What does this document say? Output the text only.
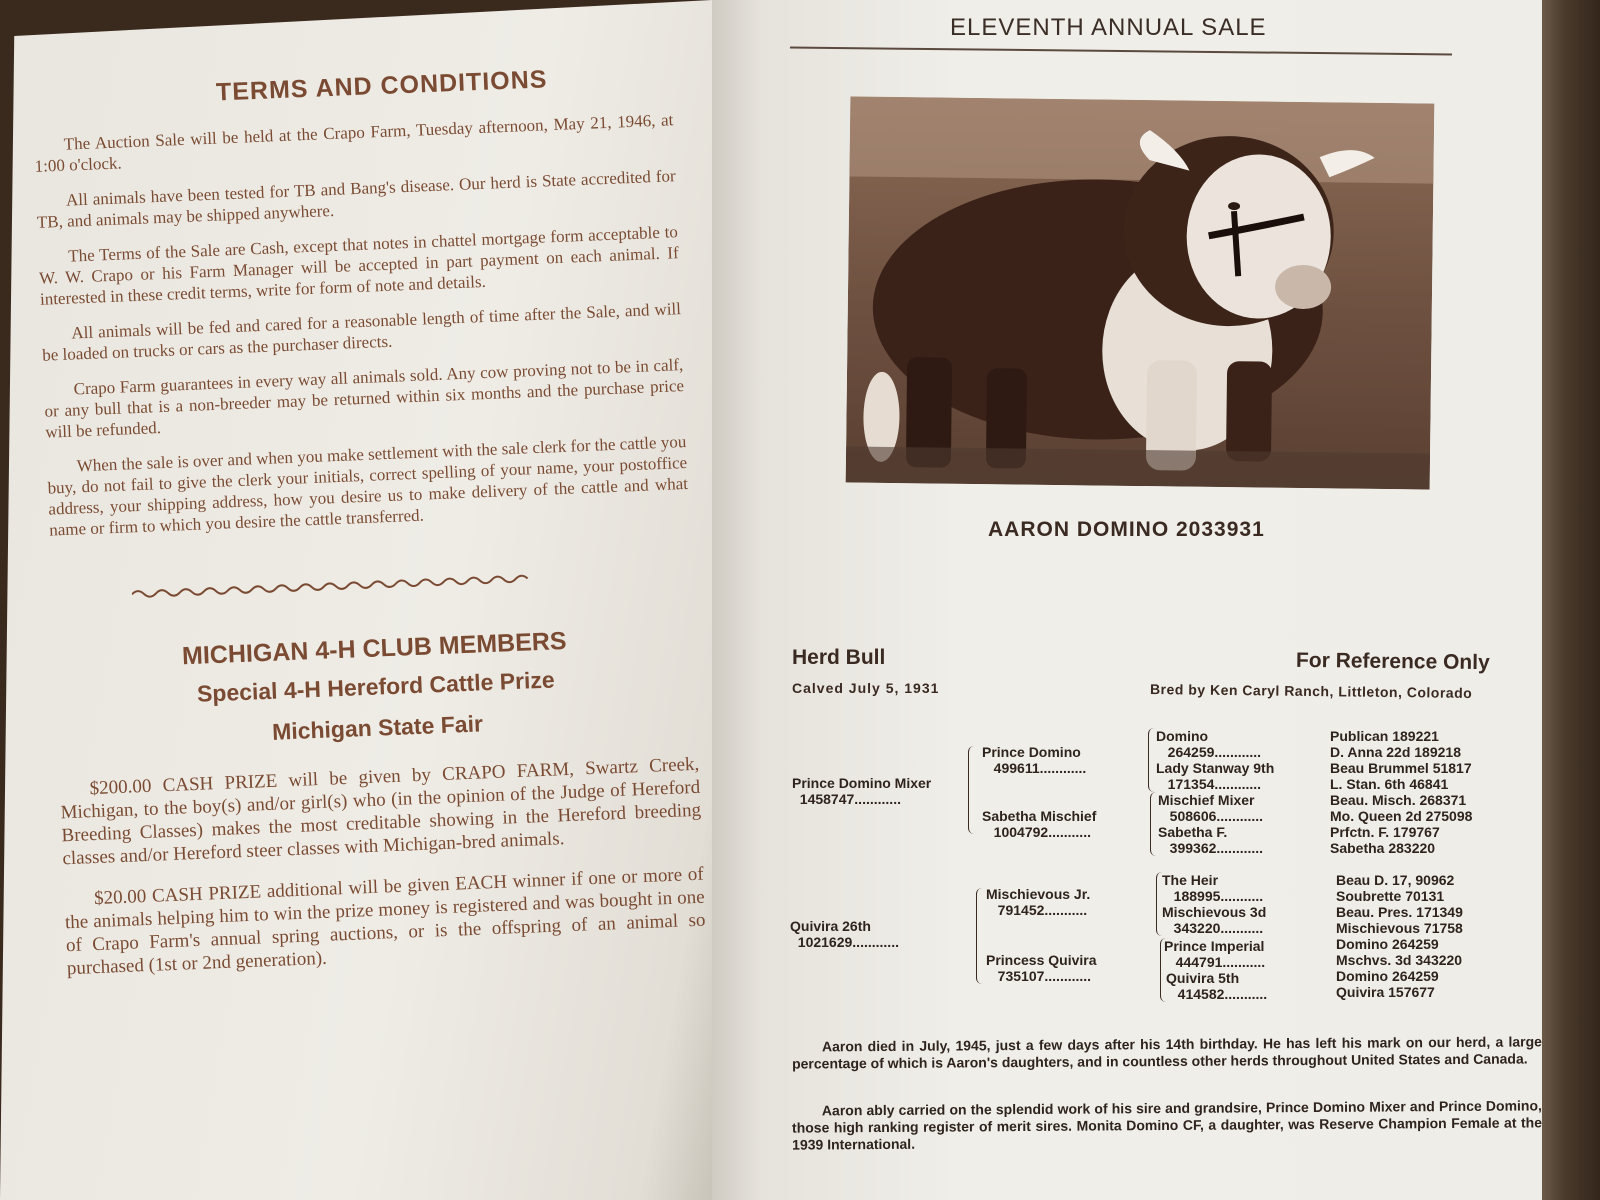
TERMS AND CONDITIONS

The Auction Sale will be held at the Crapo Farm, Tuesday afternoon, May 21, 1946, at 1:00 o'clock.

All animals have been tested for TB and Bang's disease. Our herd is State accredited for TB, and animals may be shipped anywhere.

The Terms of the Sale are Cash, except that notes in chattel mortgage form acceptable to W. W. Crapo or his Farm Manager will be accepted in part payment on each animal. If interested in these credit terms, write for form of note and details.

All animals will be fed and cared for a reasonable length of time after the Sale, and will be loaded on trucks or cars as the purchaser directs.

Crapo Farm guarantees in every way all animals sold. Any cow proving not to be in calf, or any bull that is a non-breeder may be returned within six months and the purchase price will be refunded.

When the sale is over and when you make settlement with the sale clerk for the cattle you buy, do not fail to give the clerk your initials, correct spelling of your name, your postoffice address, your shipping address, how you desire us to make delivery of the cattle and what name or firm to which you desire the cattle transferred.

MICHIGAN 4-H CLUB MEMBERS
Special 4-H Hereford Cattle Prize
Michigan State Fair

$200.00 CASH PRIZE will be given by CRAPO FARM, Swartz Creek, Michigan, to the boy(s) and/or girl(s) who (in the opinion of the Judge of Hereford Breeding Classes) makes the most creditable showing in the Hereford breeding classes and/or Hereford steer classes with Michigan-bred animals.

$20.00 CASH PRIZE additional will be given EACH winner if one or more of the animals helping him to win the prize money is registered and was bought in one of Crapo Farm's annual spring auctions, or is the offspring of an animal so purchased (1st or 2nd generation).

ELEVENTH ANNUAL SALE
AARON DOMINO 2033931
Herd Bull
Calved July 5, 1931
For Reference Only
Bred by Ken Caryl Ranch, Littleton, Colorado
Prince Domino Mixer
1458747............
Prince Domino
499611............
Sabetha Mischief
1004792...........
Domino
264259............
Lady Stanway 9th
171354............
Mischief Mixer
508606............
Sabetha F.
399362............
Publican 189221
D. Anna 22d 189218
Beau Brummel 51817
L. Stan. 6th 46841
Beau. Misch. 268371
Mo. Queen 2d 275098
Prfctn. F. 179767
Sabetha 283220
Quivira 26th
1021629............
Mischievous Jr.
791452...........
Princess Quivira
735107............
The Heir
188995...........
Mischievous 3d
343220...........
Prince Imperial
444791...........
Quivira 5th
414582...........
Beau D. 17, 90962
Soubrette 70131
Beau. Pres. 171349
Mischievous 71758
Domino 264259
Mschvs. 3d 343220
Domino 264259
Quivira 157677
Aaron died in July, 1945, just a few days after his 14th birthday. He has left his mark on our herd, a large percentage of which is Aaron's daughters, and in countless other herds throughout United States and Canada.
Aaron ably carried on the splendid work of his sire and grandsire, Prince Domino Mixer and Prince Domino, those high ranking register of merit sires. Monita Domino CF, a daughter, was Reserve Champion Female at the 1939 International.
